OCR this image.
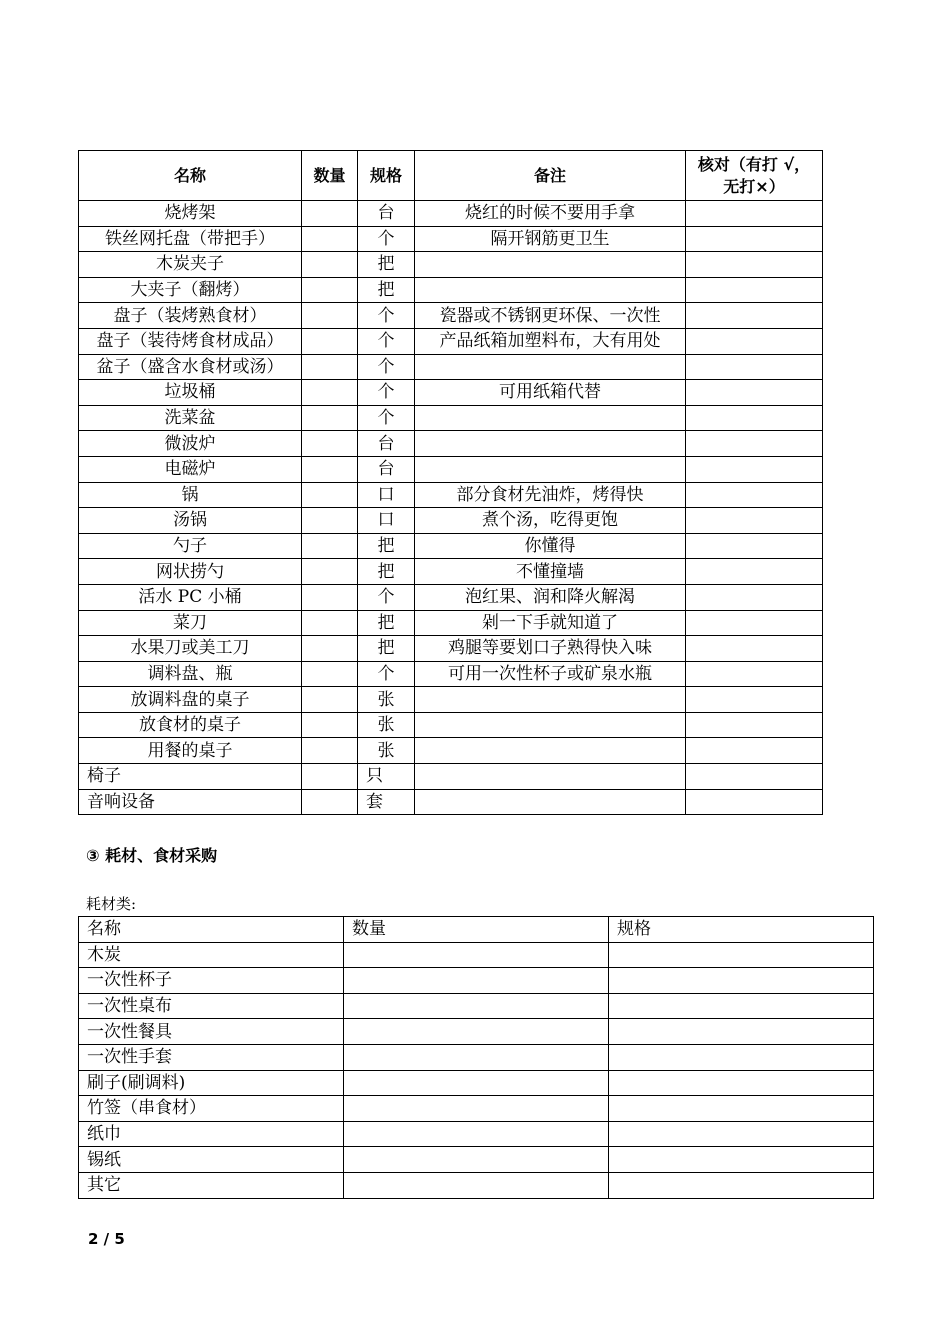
名称	数量	规格	备注	核对（有打 √，
无打×）

烧烤架		台	烧红的时候不要用手拿	
铁丝网托盘（带把手）		个	隔开钢筋更卫生	
木炭夹子		把		
大夹子（翻烤）		把		
盘子（装烤熟食材）		个	瓷器或不锈钢更环保、一次性	
盘子（装待烤食材成品）		个	产品纸箱加塑料布，大有用处	
盆子（盛含水食材或汤）		个		
垃圾桶		个	可用纸箱代替	
洗菜盆		个		
微波炉		台		
电磁炉		台		
锅		口	部分食材先油炸，烤得快	
汤锅		口	煮个汤，吃得更饱	
勺子		把	你懂得	
网状捞勺		把	不懂撞墙	
活水 PC 小桶		个	泡红果、润和降火解渴	
菜刀		把	剁一下手就知道了	
水果刀或美工刀		把	鸡腿等要划口子熟得快入味	
调料盘、瓶		个	可用一次性杯子或矿泉水瓶	
放调料盘的桌子		张		
放食材的桌子		张		
用餐的桌子		张		
椅子		只		
音响设备		套		
③ 耗材、食材采购
耗材类:
名称	数量	规格
木炭		
一次性杯子		
一次性桌布		
一次性餐具		
一次性手套		
刷子(刷调料)		
竹签（串食材）		
纸巾		
锡纸		
其它		
2 / 5
